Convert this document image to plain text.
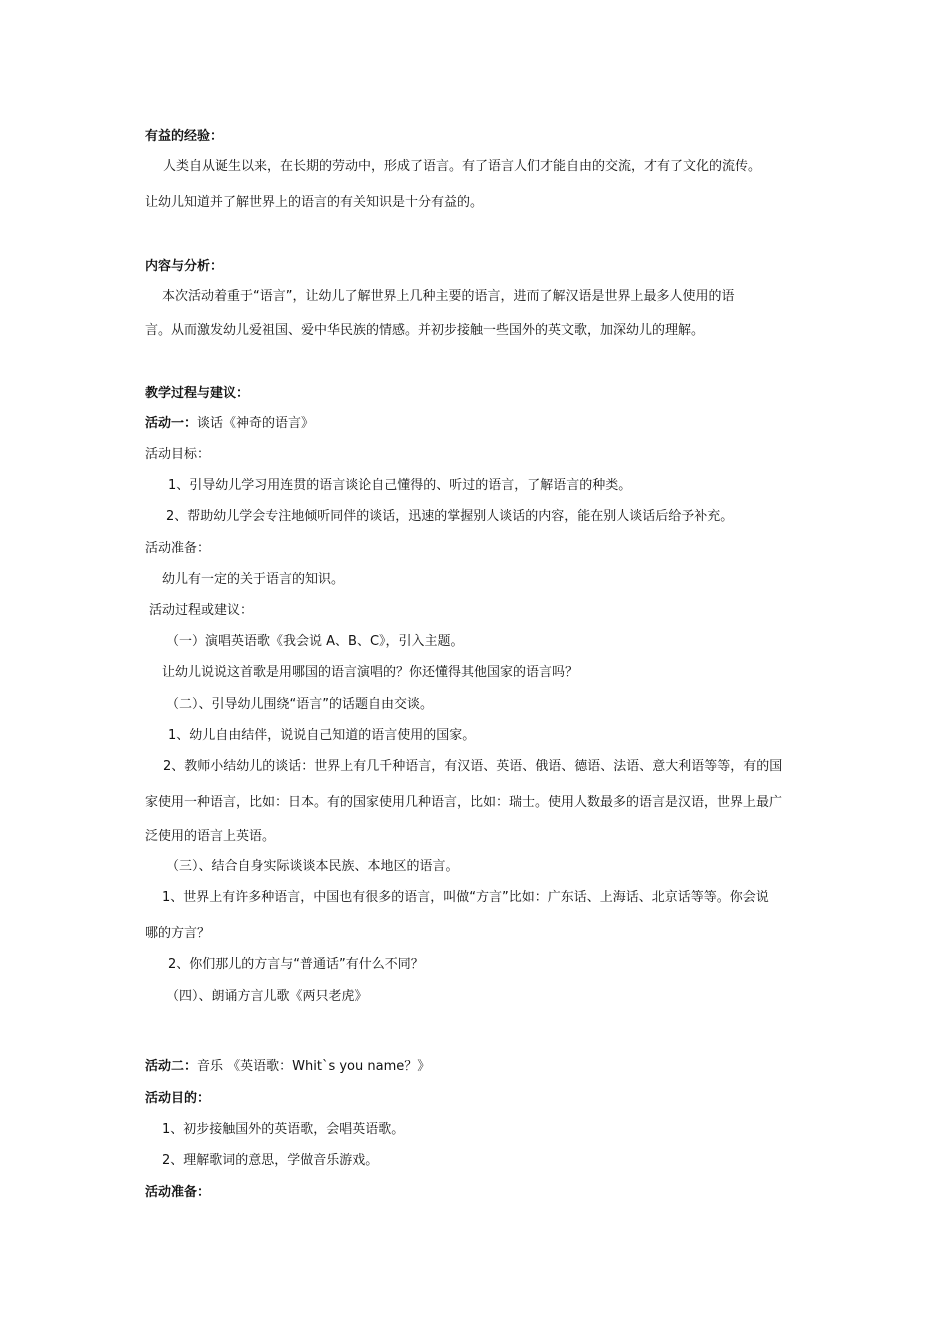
有益的经验：
人类自从诞生以来，在长期的劳动中，形成了语言。有了语言人们才能自由的交流，才有了文化的流传。
让幼儿知道并了解世界上的语言的有关知识是十分有益的。
内容与分析：
本次活动着重于“语言”，让幼儿了解世界上几种主要的语言，进而了解汉语是世界上最多人使用的语
言。从而激发幼儿爱祖国、爱中华民族的情感。并初步接触一些国外的英文歌，加深幼儿的理解。
教学过程与建议：
活动一：谈话《神奇的语言》
活动目标：
1、引导幼儿学习用连贯的语言谈论自己懂得的、听过的语言，了解语言的种类。
2、帮助幼儿学会专注地倾听同伴的谈话，迅速的掌握别人谈话的内容，能在别人谈话后给予补充。
活动准备：
幼儿有一定的关于语言的知识。
活动过程或建议：
（一）演唱英语歌《我会说 A、B、C》，引入主题。
让幼儿说说这首歌是用哪国的语言演唱的？你还懂得其他国家的语言吗？
（二）、引导幼儿围绕“语言”的话题自由交谈。
1、幼儿自由结伴，说说自己知道的语言使用的国家。
2、教师小结幼儿的谈话：世界上有几千种语言，有汉语、英语、俄语、德语、法语、意大利语等等，有的国
家使用一种语言，比如：日本。有的国家使用几种语言，比如：瑞士。使用人数最多的语言是汉语，世界上最广
泛使用的语言上英语。
（三）、结合自身实际谈谈本民族、本地区的语言。
1、世界上有许多种语言，中国也有很多的语言，叫做“方言”比如：广东话、上海话、北京话等等。你会说
哪的方言？
2、你们那儿的方言与“普通话”有什么不同？
（四）、朗诵方言儿歌《两只老虎》
活动二：音乐 《英语歌：Whit`s you name？》
活动目的：
1、初步接触国外的英语歌，会唱英语歌。
2、理解歌词的意思，学做音乐游戏。
活动准备：
